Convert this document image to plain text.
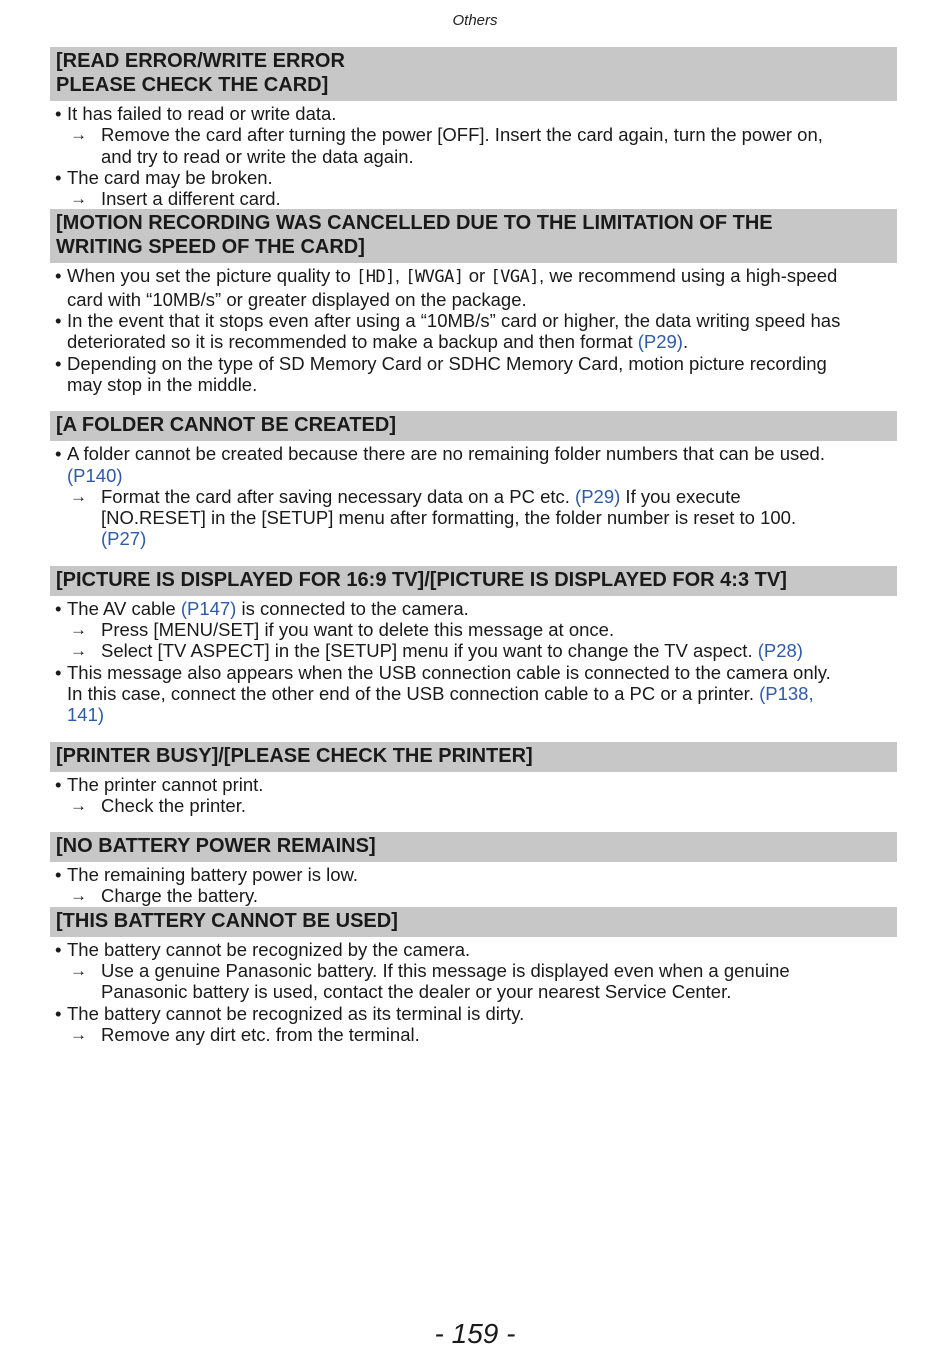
Others
[READ ERROR/WRITE ERROR
PLEASE CHECK THE CARD]
• It has failed to read or write data.
→ Remove the card after turning the power [OFF]. Insert the card again, turn the power on,
and try to read or write the data again.
• The card may be broken.
→ Insert a different card.
[MOTION RECORDING WAS CANCELLED DUE TO THE LIMITATION OF THE
WRITING SPEED OF THE CARD]
• When you set the picture quality to [HD], [WVGA] or [VGA], we recommend using a high-speed
card with “10MB/s” or greater displayed on the package.
• In the event that it stops even after using a “10MB/s” card or higher, the data writing speed has
deteriorated so it is recommended to make a backup and then format (P29).
• Depending on the type of SD Memory Card or SDHC Memory Card, motion picture recording
may stop in the middle.
[A FOLDER CANNOT BE CREATED]
• A folder cannot be created because there are no remaining folder numbers that can be used.
(P140)
→ Format the card after saving necessary data on a PC etc. (P29) If you execute
[NO.RESET] in the [SETUP] menu after formatting, the folder number is reset to 100.
(P27)
[PICTURE IS DISPLAYED FOR 16:9 TV]/[PICTURE IS DISPLAYED FOR 4:3 TV]
• The AV cable (P147) is connected to the camera.
→ Press [MENU/SET] if you want to delete this message at once.
→ Select [TV ASPECT] in the [SETUP] menu if you want to change the TV aspect. (P28)
• This message also appears when the USB connection cable is connected to the camera only.
In this case, connect the other end of the USB connection cable to a PC or a printer. (P138,
141)
[PRINTER BUSY]/[PLEASE CHECK THE PRINTER]
• The printer cannot print.
→ Check the printer.
[NO BATTERY POWER REMAINS]
• The remaining battery power is low.
→ Charge the battery.
[THIS BATTERY CANNOT BE USED]
• The battery cannot be recognized by the camera.
→ Use a genuine Panasonic battery. If this message is displayed even when a genuine
Panasonic battery is used, contact the dealer or your nearest Service Center.
• The battery cannot be recognized as its terminal is dirty.
→ Remove any dirt etc. from the terminal.
- 159 -
